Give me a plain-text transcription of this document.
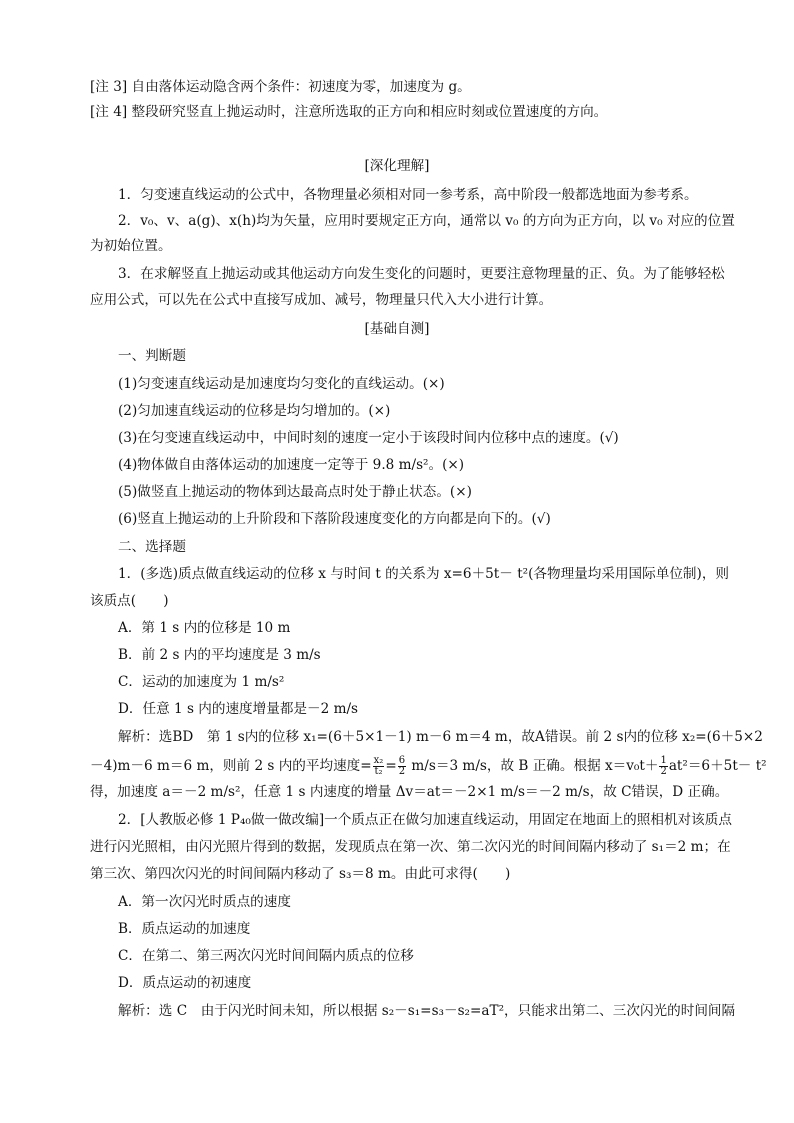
[注 3] 自由落体运动隐含两个条件：初速度为零，加速度为 g。
[注 4] 整段研究竖直上抛运动时，注意所选取的正方向和相应时刻或位置速度的方向。
[深化理解]
1．匀变速直线运动的公式中，各物理量必须相对同一参考系，高中阶段一般都选地面为参考系。
2．v₀、v、a(g)、x(h)均为矢量，应用时要规定正方向，通常以 v₀ 的方向为正方向，以 v₀ 对应的位置
为初始位置。
3．在求解竖直上抛运动或其他运动方向发生变化的问题时，更要注意物理量的正、负。为了能够轻松
应用公式，可以先在公式中直接写成加、减号，物理量只代入大小进行计算。
[基础自测]
一、判断题
(1)匀变速直线运动是加速度均匀变化的直线运动。(×)
(2)匀加速直线运动的位移是均匀增加的。(×)
(3)在匀变速直线运动中，中间时刻的速度一定小于该段时间内位移中点的速度。(√)
(4)物体做自由落体运动的加速度一定等于 9.8 m/s²。(×)
(5)做竖直上抛运动的物体到达最高点时处于静止状态。(×)
(6)竖直上抛运动的上升阶段和下落阶段速度变化的方向都是向下的。(√)
二、选择题
1．(多选)质点做直线运动的位移 x 与时间 t 的关系为 x=6＋5t－ t²(各物理量均采用国际单位制)，则
该质点(　　)
A．第 1 s 内的位移是 10 m
B．前 2 s 内的平均速度是 3 m/s
C．运动的加速度为 1 m/s²
D．任意 1 s 内的速度增量都是－2 m/s
解析：选BD　第 1 s内的位移 x₁=(6＋5×1－1) m－6 m＝4 m，故A错误。前 2 s内的位移 x₂=(6＋5×2
－4)m－6 m＝6 m，则前 2 s 内的平均速度= $\frac{\text{x₂}}{\text{t₂}} = \frac{6}{2} m/s=3$ m/s，故 B 正确。根据 $x=v_0t+ \frac{1}{2} at^2=6+5t- t^2$
得，加速度 a＝－2 m/s²，任意 1 s 内速度的增量 Δv＝at＝－2×1 m/s＝－2 m/s，故 C错误，D 正确。
2．[人教版必修 1 P₄₀做一做改编]一个质点正在做匀加速直线运动，用固定在地面上的照相机对该质点
进行闪光照相，由闪光照片得到的数据，发现质点在第一次、第二次闪光的时间间隔内移动了 s₁＝2 m；在
第三次、第四次闪光的时间间隔内移动了 s₃＝8 m。由此可求得(　　)
A．第一次闪光时质点的速度
B．质点运动的加速度
C．在第二、第三两次闪光时间间隔内质点的位移
D．质点运动的初速度
解析：选 C　由于闪光时间未知，所以根据 s₂－s₁=s₃－s₂=aT²，只能求出第二、三次闪光的时间间隔
